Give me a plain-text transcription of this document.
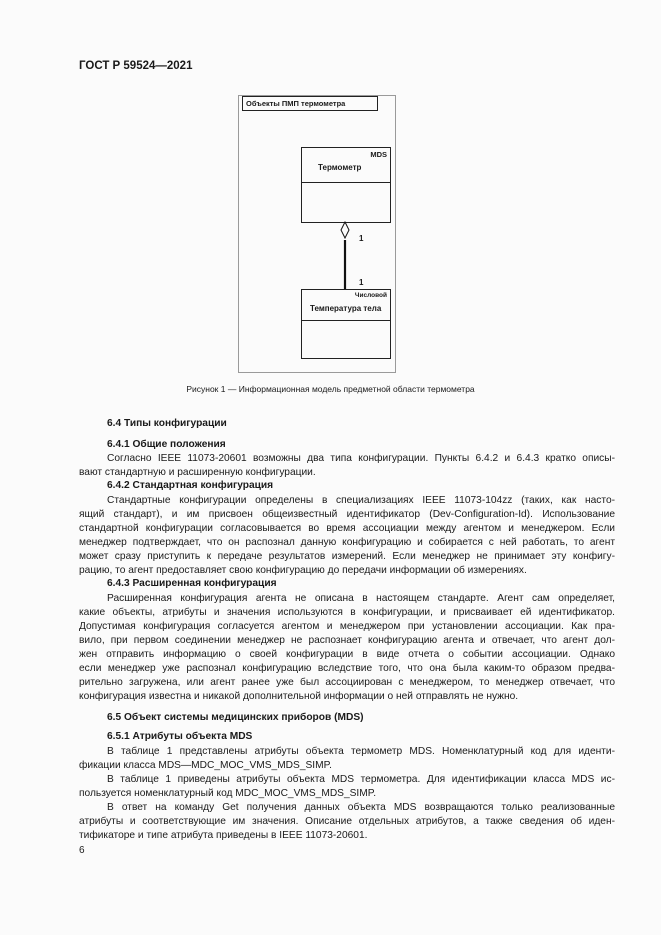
ГОСТ Р 59524—2021
Объекты ПМП термометра
MDS
Термометр
1
1
Числовой
Температура тела
Рисунок 1 — Информационная модель предметной области термометра
6.4 Типы конфигурации
6.4.1 Общие положения
Согласно IEEE 11073-20601 возможны два типа конфигурации. Пункты 6.4.2 и 6.4.3 кратко описы-
вают стандартную и расширенную конфигурации.
6.4.2 Стандартная конфигурация
Стандартные конфигурации определены в специализациях IEEE 11073-104zz (таких, как насто-
ящий стандарт), и им присвоен общеизвестный идентификатор (Dev-Configuration-Id). Использование
стандартной конфигурации согласовывается во время ассоциации между агентом и менеджером. Если
менеджер подтверждает, что он распознал данную конфигурацию и собирается с ней работать, то агент
может сразу приступить к передаче результатов измерений. Если менеджер не принимает эту конфигу-
рацию, то агент предоставляет свою конфигурацию до передачи информации об измерениях.
6.4.3 Расширенная конфигурация
Расширенная конфигурация агента не описана в настоящем стандарте. Агент сам определяет,
какие объекты, атрибуты и значения используются в конфигурации, и присваивает ей идентификатор.
Допустимая конфигурация согласуется агентом и менеджером при установлении ассоциации. Как пра-
вило, при первом соединении менеджер не распознает конфигурацию агента и отвечает, что агент дол-
жен отправить информацию о своей конфигурации в виде отчета о событии ассоциации. Однако
если менеджер уже распознал конфигурацию вследствие того, что она была каким-то образом предва-
рительно загружена, или агент ранее уже был ассоциирован с менеджером, то менеджер отвечает, что
конфигурация известна и никакой дополнительной информации о ней отправлять не нужно.
6.5 Объект системы медицинских приборов (MDS)
6.5.1 Атрибуты объекта MDS
В таблице 1 представлены атрибуты объекта термометр MDS. Номенклатурный код для иденти-
фикации класса MDS—MDC_MOC_VMS_MDS_SIMP.
В таблице 1 приведены атрибуты объекта MDS термометра. Для идентификации класса MDS ис-
пользуется номенклатурный код MDC_MOC_VMS_MDS_SIMP.
В ответ на команду Get получения данных объекта MDS возвращаются только реализованные
атрибуты и соответствующие им значения. Описание отдельных атрибутов, а также сведения об иден-
тификаторе и типе атрибута приведены в IEEE 11073-20601.
6
